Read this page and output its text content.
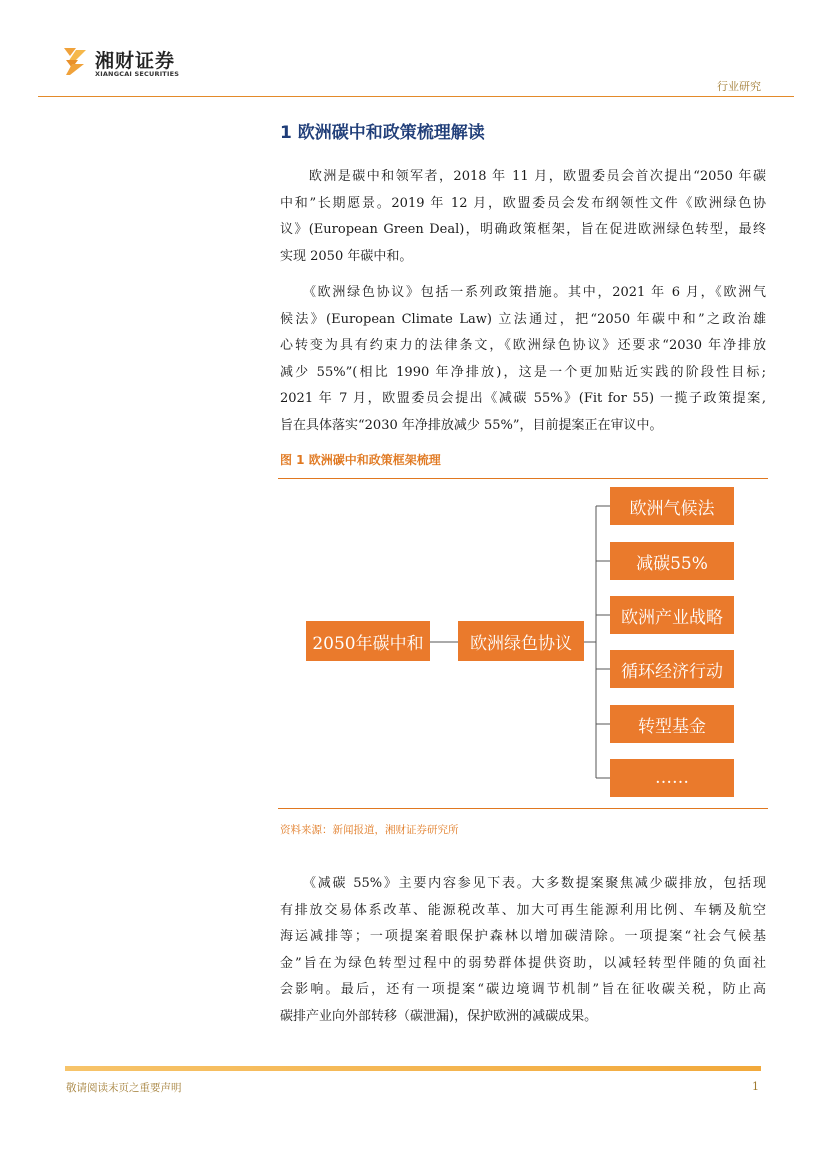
湘财证券
XIANGCAI SECURITIES
行业研究
1 欧洲碳中和政策梳理解读
　　欧洲是碳中和领军者，2018 年 11 月，欧盟委员会首次提出“2050 年碳
中和”长期愿景。2019 年 12 月，欧盟委员会发布纲领性文件《欧洲绿色协
议》(European Green Deal)，明确政策框架，旨在促进欧洲绿色转型，最终
实现 2050 年碳中和。
　　《欧洲绿色协议》包括一系列政策措施。其中，2021 年 6 月，《欧洲气
候法》(European Climate Law) 立法通过，把“2050 年碳中和”之政治雄
心转变为具有约束力的法律条文，《欧洲绿色协议》还要求“2030 年净排放
减少 55%”(相比 1990 年净排放)，这是一个更加贴近实践的阶段性目标;
2021 年 7 月，欧盟委员会提出《减碳 55%》(Fit for 55) 一揽子政策提案,
旨在具体落实“2030 年净排放减少 55%”，目前提案正在审议中。
图 1 欧洲碳中和政策框架梳理
2050年碳中和	欧洲绿色协议
欧洲气候法
减碳55%
欧洲产业战略
循环经济行动
转型基金
……
资料来源：新闻报道，湘财证券研究所
　　《减碳 55%》主要内容参见下表。大多数提案聚焦减少碳排放，包括现
有排放交易体系改革、能源税改革、加大可再生能源利用比例、车辆及航空
海运减排等；一项提案着眼保护森林以增加碳清除。一项提案“社会气候基
金”旨在为绿色转型过程中的弱势群体提供资助，以减轻转型伴随的负面社
会影响。最后，还有一项提案“碳边境调节机制”旨在征收碳关税，防止高
碳排产业向外部转移（碳泄漏)，保护欧洲的减碳成果。
敬请阅读末页之重要声明	1
